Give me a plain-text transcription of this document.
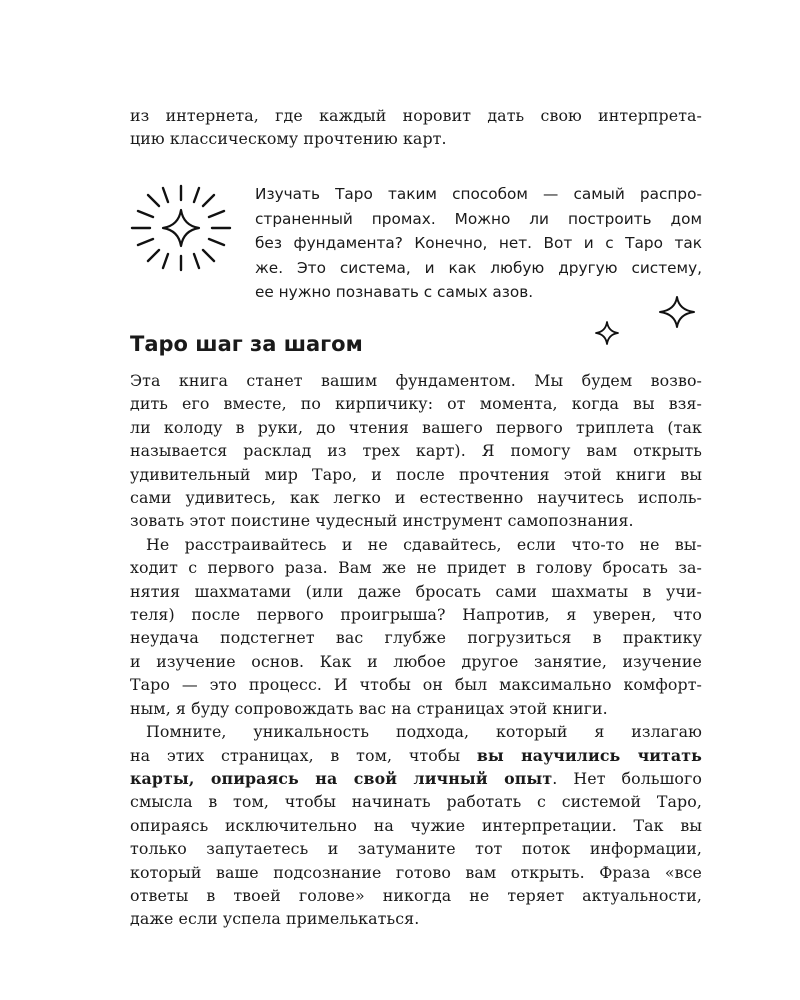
из интернета, где каждый норовит дать свою интерпрета-
цию классическому прочтению карт.
Изучать Таро таким способом — самый распро-
страненный промах. Можно ли построить дом
без фундамента? Конечно, нет. Вот и с Таро так
же. Это система, и как любую другую систему,
ее нужно познавать с самых азов.
Таро шаг за шагом
Эта книга станет вашим фундаментом. Мы будем возво-
дить его вместе, по кирпичику: от момента, когда вы взя-
ли колоду в руки, до чтения вашего первого триплета (так
называется расклад из трех карт). Я помогу вам открыть
удивительный мир Таро, и после прочтения этой книги вы
сами удивитесь, как легко и естественно научитесь исполь-
зовать этот поистине чудесный инструмент самопознания.
Не расстраивайтесь и не сдавайтесь, если что-то не вы-
ходит с первого раза. Вам же не придет в голову бросать за-
нятия шахматами (или даже бросать сами шахматы в учи-
теля) после первого проигрыша? Напротив, я уверен, что
неудача подстегнет вас глубже погрузиться в практику
и изучение основ. Как и любое другое занятие, изучение
Таро — это процесс. И чтобы он был максимально комфорт-
ным, я буду сопровождать вас на страницах этой книги.
Помните, уникальность подхода, который я излагаю
на этих страницах, в том, чтобы вы научились читать
карты, опираясь на свой личный опыт. Нет большого
смысла в том, чтобы начинать работать с системой Таро,
опираясь исключительно на чужие интерпретации. Так вы
только запутаетесь и затуманите тот поток информации,
который ваше подсознание готово вам открыть. Фраза «все
ответы в твоей голове» никогда не теряет актуальности,
даже если успела примелькаться.
